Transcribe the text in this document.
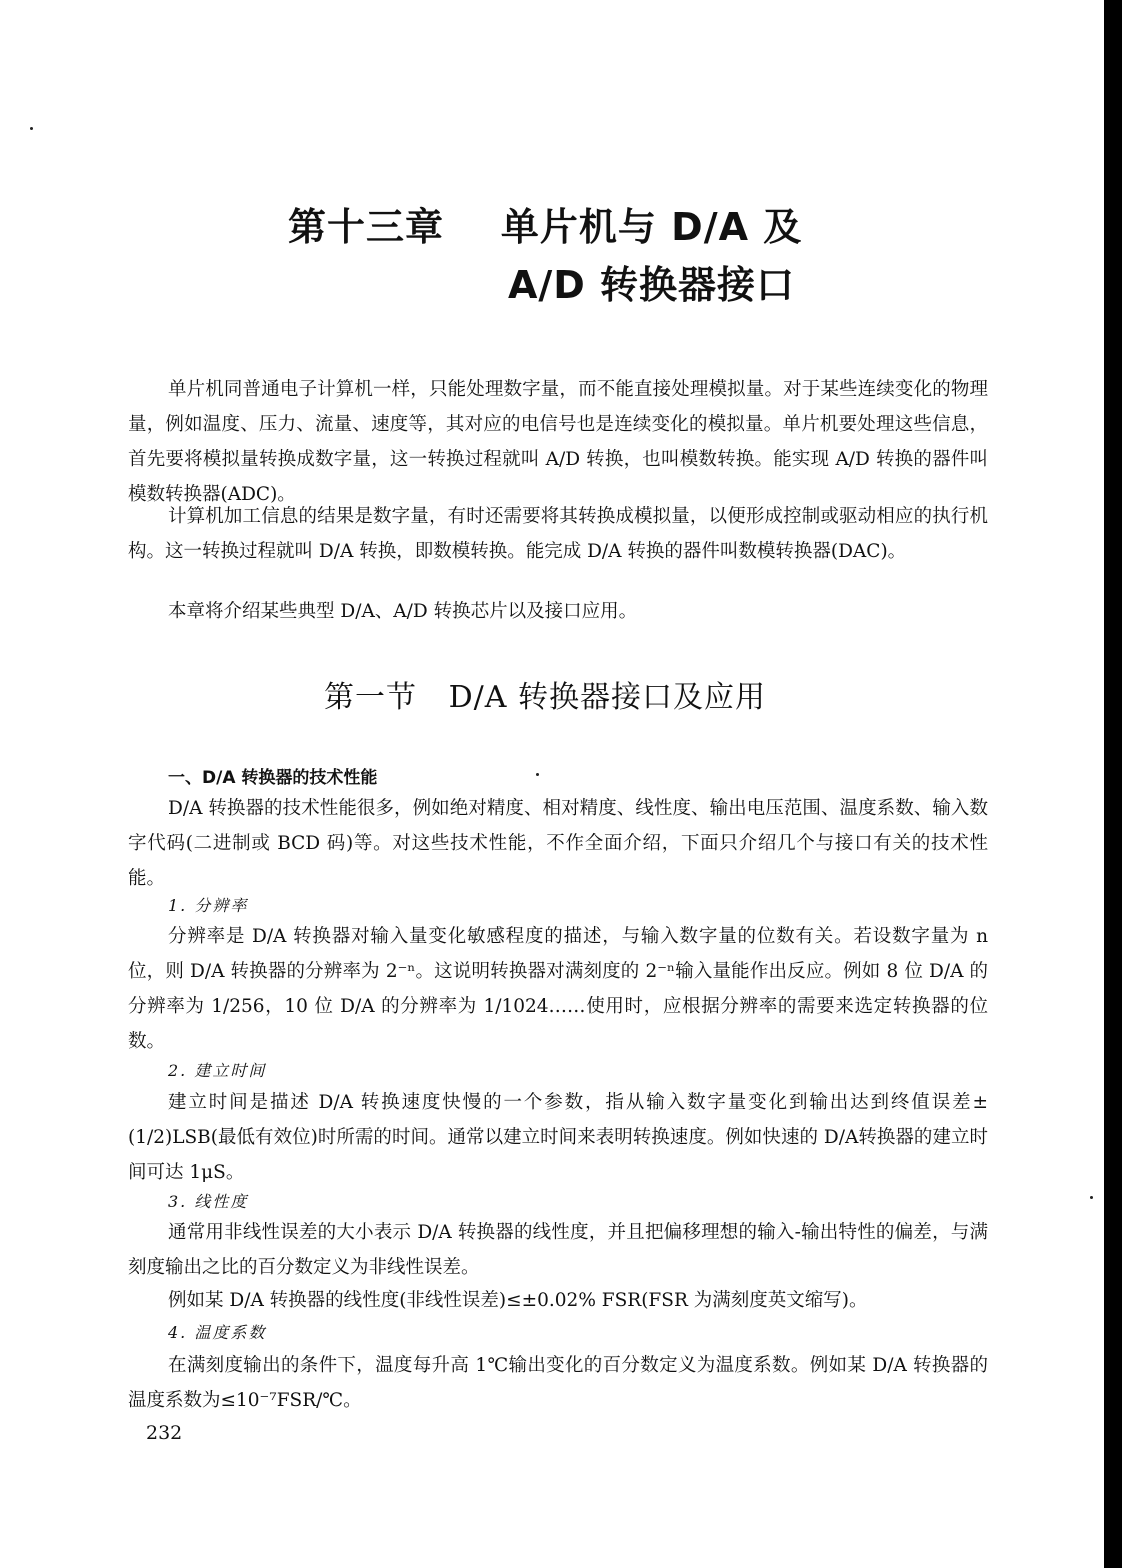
第十三章    单片机与 D/A 及
A/D 转换器接口

单片机同普通电子计算机一样，只能处理数字量，而不能直接处理模拟量。对于某些连续变化的物理量，例如温度、压力、流量、速度等，其对应的电信号也是连续变化的模拟量。单片机要处理这些信息，首先要将模拟量转换成数字量，这一转换过程就叫 A/D 转换，也叫模数转换。能实现 A/D 转换的器件叫模数转换器(ADC)。

计算机加工信息的结果是数字量，有时还需要将其转换成模拟量，以便形成控制或驱动相应的执行机构。这一转换过程就叫 D/A 转换，即数模转换。能完成 D/A 转换的器件叫数模转换器(DAC)。

本章将介绍某些典型 D/A、A/D 转换芯片以及接口应用。

第一节   D/A 转换器接口及应用
一、D/A 转换器的技术性能

D/A 转换器的技术性能很多，例如绝对精度、相对精度、线性度、输出电压范围、温度系数、输入数字代码(二进制或 BCD 码)等。对这些技术性能，不作全面介绍，下面只介绍几个与接口有关的技术性能。

1. 分辨率

分辨率是 D/A 转换器对输入量变化敏感程度的描述，与输入数字量的位数有关。若设数字量为 n 位，则 D/A 转换器的分辨率为 2⁻ⁿ。这说明转换器对满刻度的 2⁻ⁿ输入量能作出反应。例如 8 位 D/A 的分辨率为 1/256，10 位 D/A 的分辨率为 1/1024……使用时，应根据分辨率的需要来选定转换器的位数。

2. 建立时间

建立时间是描述 D/A 转换速度快慢的一个参数，指从输入数字量变化到输出达到终值误差±(1/2)LSB(最低有效位)时所需的时间。通常以建立时间来表明转换速度。例如快速的 D/A转换器的建立时间可达 1μS。

3. 线性度

通常用非线性误差的大小表示 D/A 转换器的线性度，并且把偏移理想的输入-输出特性的偏差，与满刻度输出之比的百分数定义为非线性误差。

例如某 D/A 转换器的线性度(非线性误差)≤±0.02% FSR(FSR 为满刻度英文缩写)。

4. 温度系数

在满刻度输出的条件下，温度每升高 1℃输出变化的百分数定义为温度系数。例如某 D/A 转换器的温度系数为≤10⁻⁷FSR/℃。

232
